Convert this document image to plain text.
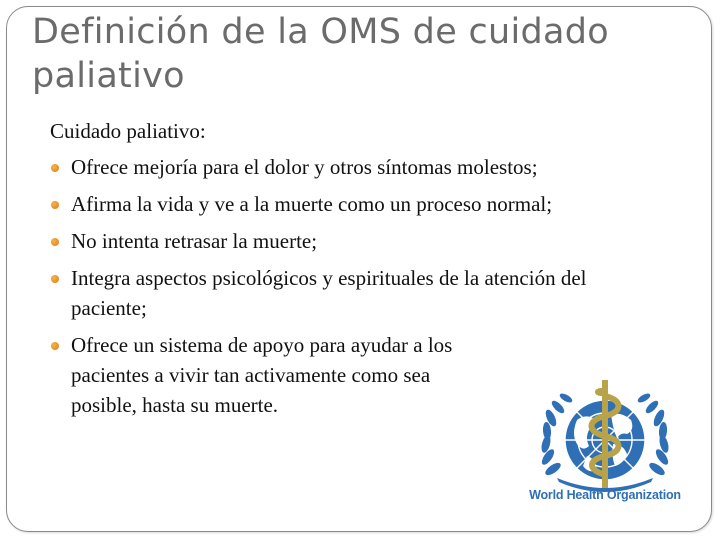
Definición de la OMS de cuidado paliativo

Cuidado paliativo:

Ofrece mejoría para el dolor y otros síntomas molestos;
Afirma la vida y ve a la muerte como un proceso normal;
No intenta retrasar la muerte;
Integra aspectos psicológicos y espirituales de la atención del paciente;
Ofrece un sistema de apoyo para ayudar a los pacientes a vivir tan activamente como sea posible, hasta su muerte.
World Health Organization
